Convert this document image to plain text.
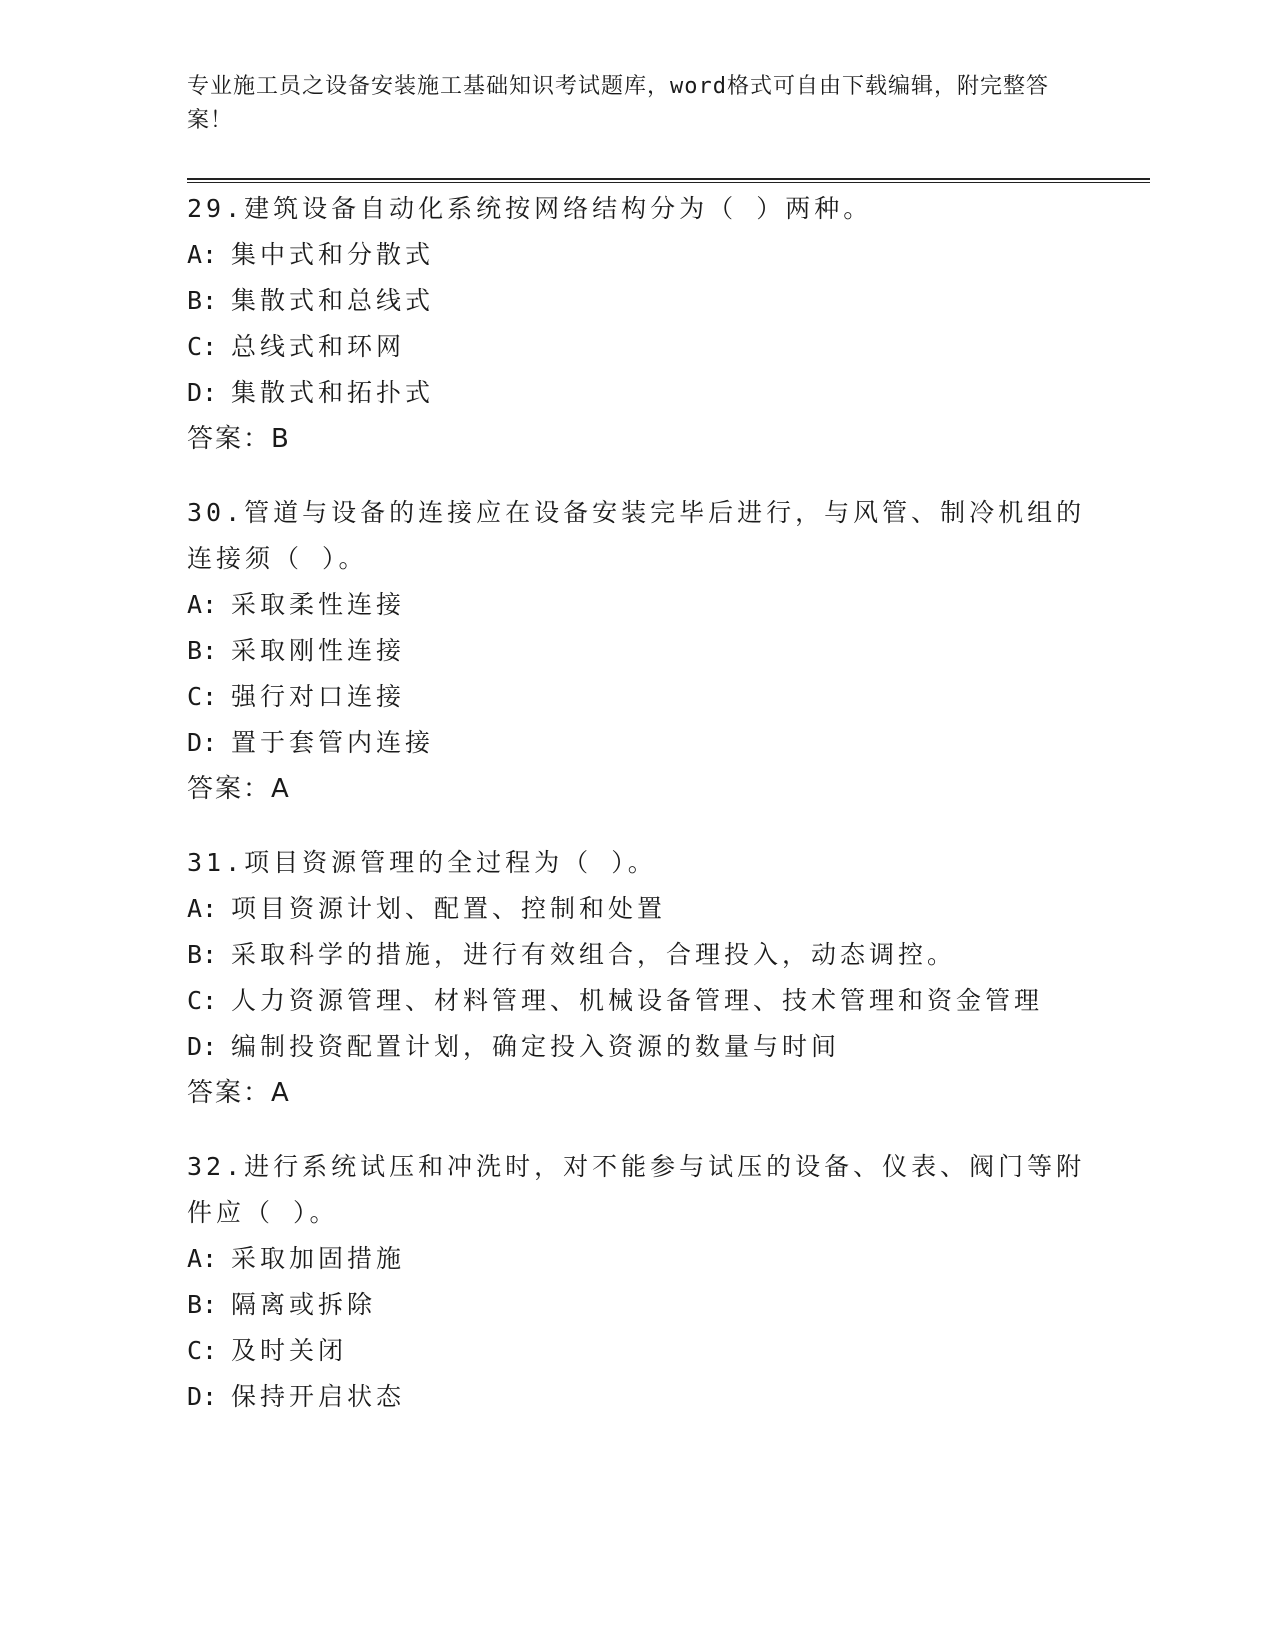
专业施工员之设备安装施工基础知识考试题库，word格式可自由下载编辑，附完整答案！
29.建筑设备自动化系统按网络结构分为（ ）两种。
A: 集中式和分散式
B: 集散式和总线式
C: 总线式和环网
D: 集散式和拓扑式
答案：B
30.管道与设备的连接应在设备安装完毕后进行，与风管、制冷机组的连接须（ ）。
A: 采取柔性连接
B: 采取刚性连接
C: 强行对口连接
D: 置于套管内连接
答案：A
31.项目资源管理的全过程为（ ）。
A: 项目资源计划、配置、控制和处置
B: 采取科学的措施，进行有效组合，合理投入，动态调控。
C: 人力资源管理、材料管理、机械设备管理、技术管理和资金管理
D: 编制投资配置计划，确定投入资源的数量与时间
答案：A
32.进行系统试压和冲洗时，对不能参与试压的设备、仪表、阀门等附件应（ ）。
A: 采取加固措施
B: 隔离或拆除
C: 及时关闭
D: 保持开启状态
